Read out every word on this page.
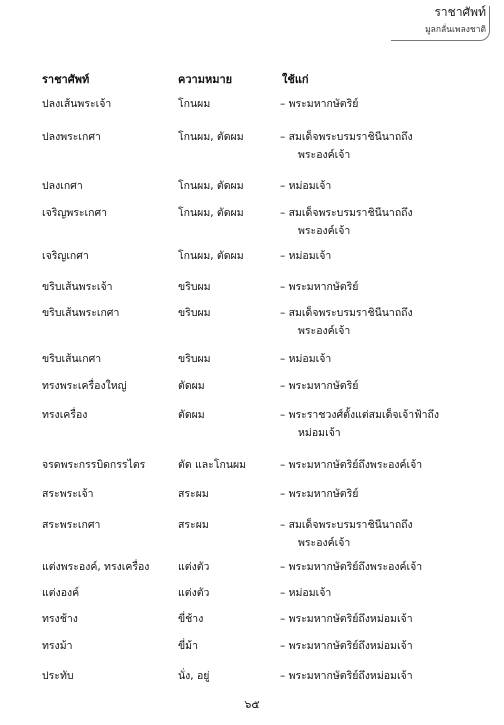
ราชาศัพท์
มูลกลั่นเพลงชาติ
ราชาศัพท์	ความหมาย	ใช้แก่
ปลงเส้นพระเจ้า	โกนผม	– พระมหากษัตริย์
ปลงพระเกศา	โกนผม, ตัดผม	– สมเด็จพระบรมราชินีนาถถึง
พระองค์เจ้า
ปลงเกศา	โกนผม, ตัดผม	– หม่อมเจ้า
เจริญพระเกศา	โกนผม, ตัดผม	– สมเด็จพระบรมราชินีนาถถึง
พระองค์เจ้า
เจริญเกศา	โกนผม, ตัดผม	– หม่อมเจ้า
ขริบเส้นพระเจ้า	ขริบผม	– พระมหากษัตริย์
ขริบเส้นพระเกศา	ขริบผม	– สมเด็จพระบรมราชินีนาถถึง
พระองค์เจ้า
ขริบเส้นเกศา	ขริบผม	– หม่อมเจ้า
ทรงพระเครื่องใหญ่	ตัดผม	– พระมหากษัตริย์
ทรงเครื่อง	ตัดผม	– พระราชวงศ์ตั้งแต่สมเด็จเจ้าฟ้าถึง
หม่อมเจ้า
จรดพระกรรบิดกรรไตร	ตัด และโกนผม	– พระมหากษัตริย์ถึงพระองค์เจ้า
สระพระเจ้า	สระผม	– พระมหากษัตริย์
สระพระเกศา	สระผม	– สมเด็จพระบรมราชินีนาถถึง
พระองค์เจ้า
แต่งพระองค์, ทรงเครื่อง	แต่งตัว	– พระมหากษัตริย์ถึงพระองค์เจ้า
แต่งองค์	แต่งตัว	– หม่อมเจ้า
ทรงช้าง	ขี่ช้าง	– พระมหากษัตริย์ถึงหม่อมเจ้า
ทรงม้า	ขี่ม้า	– พระมหากษัตริย์ถึงหม่อมเจ้า
ประทับ	นั่ง, อยู่	– พระมหากษัตริย์ถึงหม่อมเจ้า
๖๕
